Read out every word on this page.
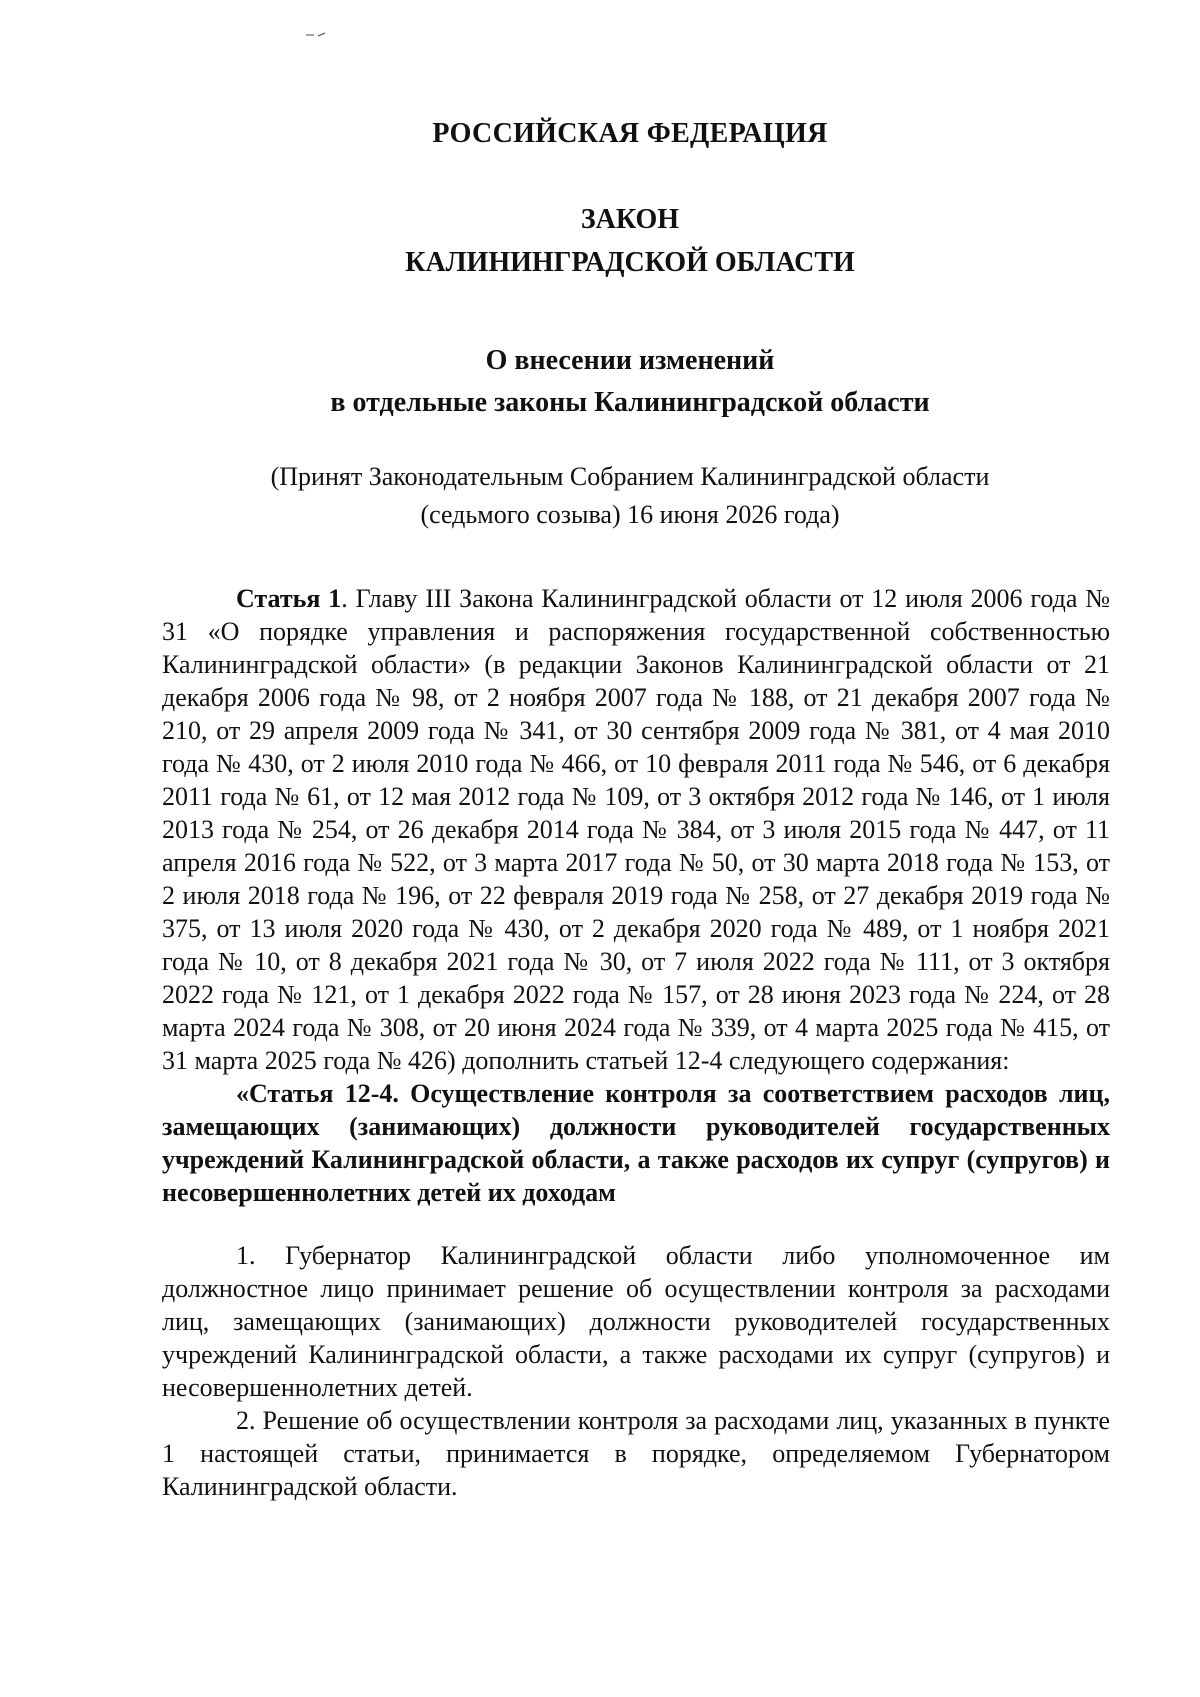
РОССИЙСКАЯ ФЕДЕРАЦИЯ
ЗАКОН
КАЛИНИНГРАДСКОЙ ОБЛАСТИ
О внесении изменений
в отдельные законы Калининградской области
(Принят Законодательным Собранием Калининградской области
(седьмого созыва) 16 июня 2026 года)

Статья 1. Главу III Закона Калининградской области от 12 июля 2006 года № 31 «О порядке управления и распоряжения государственной собственностью Калининградской области» (в редакции Законов Калининградской области от 21 декабря 2006 года № 98, от 2 ноября 2007 года № 188, от 21 декабря 2007 года № 210, от 29 апреля 2009 года № 341, от 30 сентября 2009 года № 381, от 4 мая 2010 года № 430, от 2 июля 2010 года № 466, от 10 февраля 2011 года № 546, от 6 декабря 2011 года № 61, от 12 мая 2012 года № 109, от 3 октября 2012 года № 146, от 1 июля 2013 года № 254, от 26 декабря 2014 года № 384, от 3 июля 2015 года № 447, от 11 апреля 2016 года № 522, от 3 марта 2017 года № 50, от 30 марта 2018 года № 153, от 2 июля 2018 года № 196, от 22 февраля 2019 года № 258, от 27 декабря 2019 года № 375, от 13 июля 2020 года № 430, от 2 декабря 2020 года № 489, от 1 ноября 2021 года № 10, от 8 декабря 2021 года № 30, от 7 июля 2022 года № 111, от 3 октября 2022 года № 121, от 1 декабря 2022 года № 157, от 28 июня 2023 года № 224, от 28 марта 2024 года № 308, от 20 июня 2024 года № 339, от 4 марта 2025 года № 415, от 31 марта 2025 года № 426) дополнить статьей 12-4 следующего содержания:

«Статья 12-4. Осуществление контроля за соответствием расходов лиц, замещающих (занимающих) должности руководителей государственных учреждений Калининградской области, а также расходов их супруг (супругов) и несовершеннолетних детей их доходам

1. Губернатор Калининградской области либо уполномоченное им должностное лицо принимает решение об осуществлении контроля за расходами лиц, замещающих (занимающих) должности руководителей государственных учреждений Калининградской области, а также расходами их супруг (супругов) и несовершеннолетних детей.

2. Решение об осуществлении контроля за расходами лиц, указанных в пункте 1 настоящей статьи, принимается в порядке, определяемом Губернатором Калининградской области.
